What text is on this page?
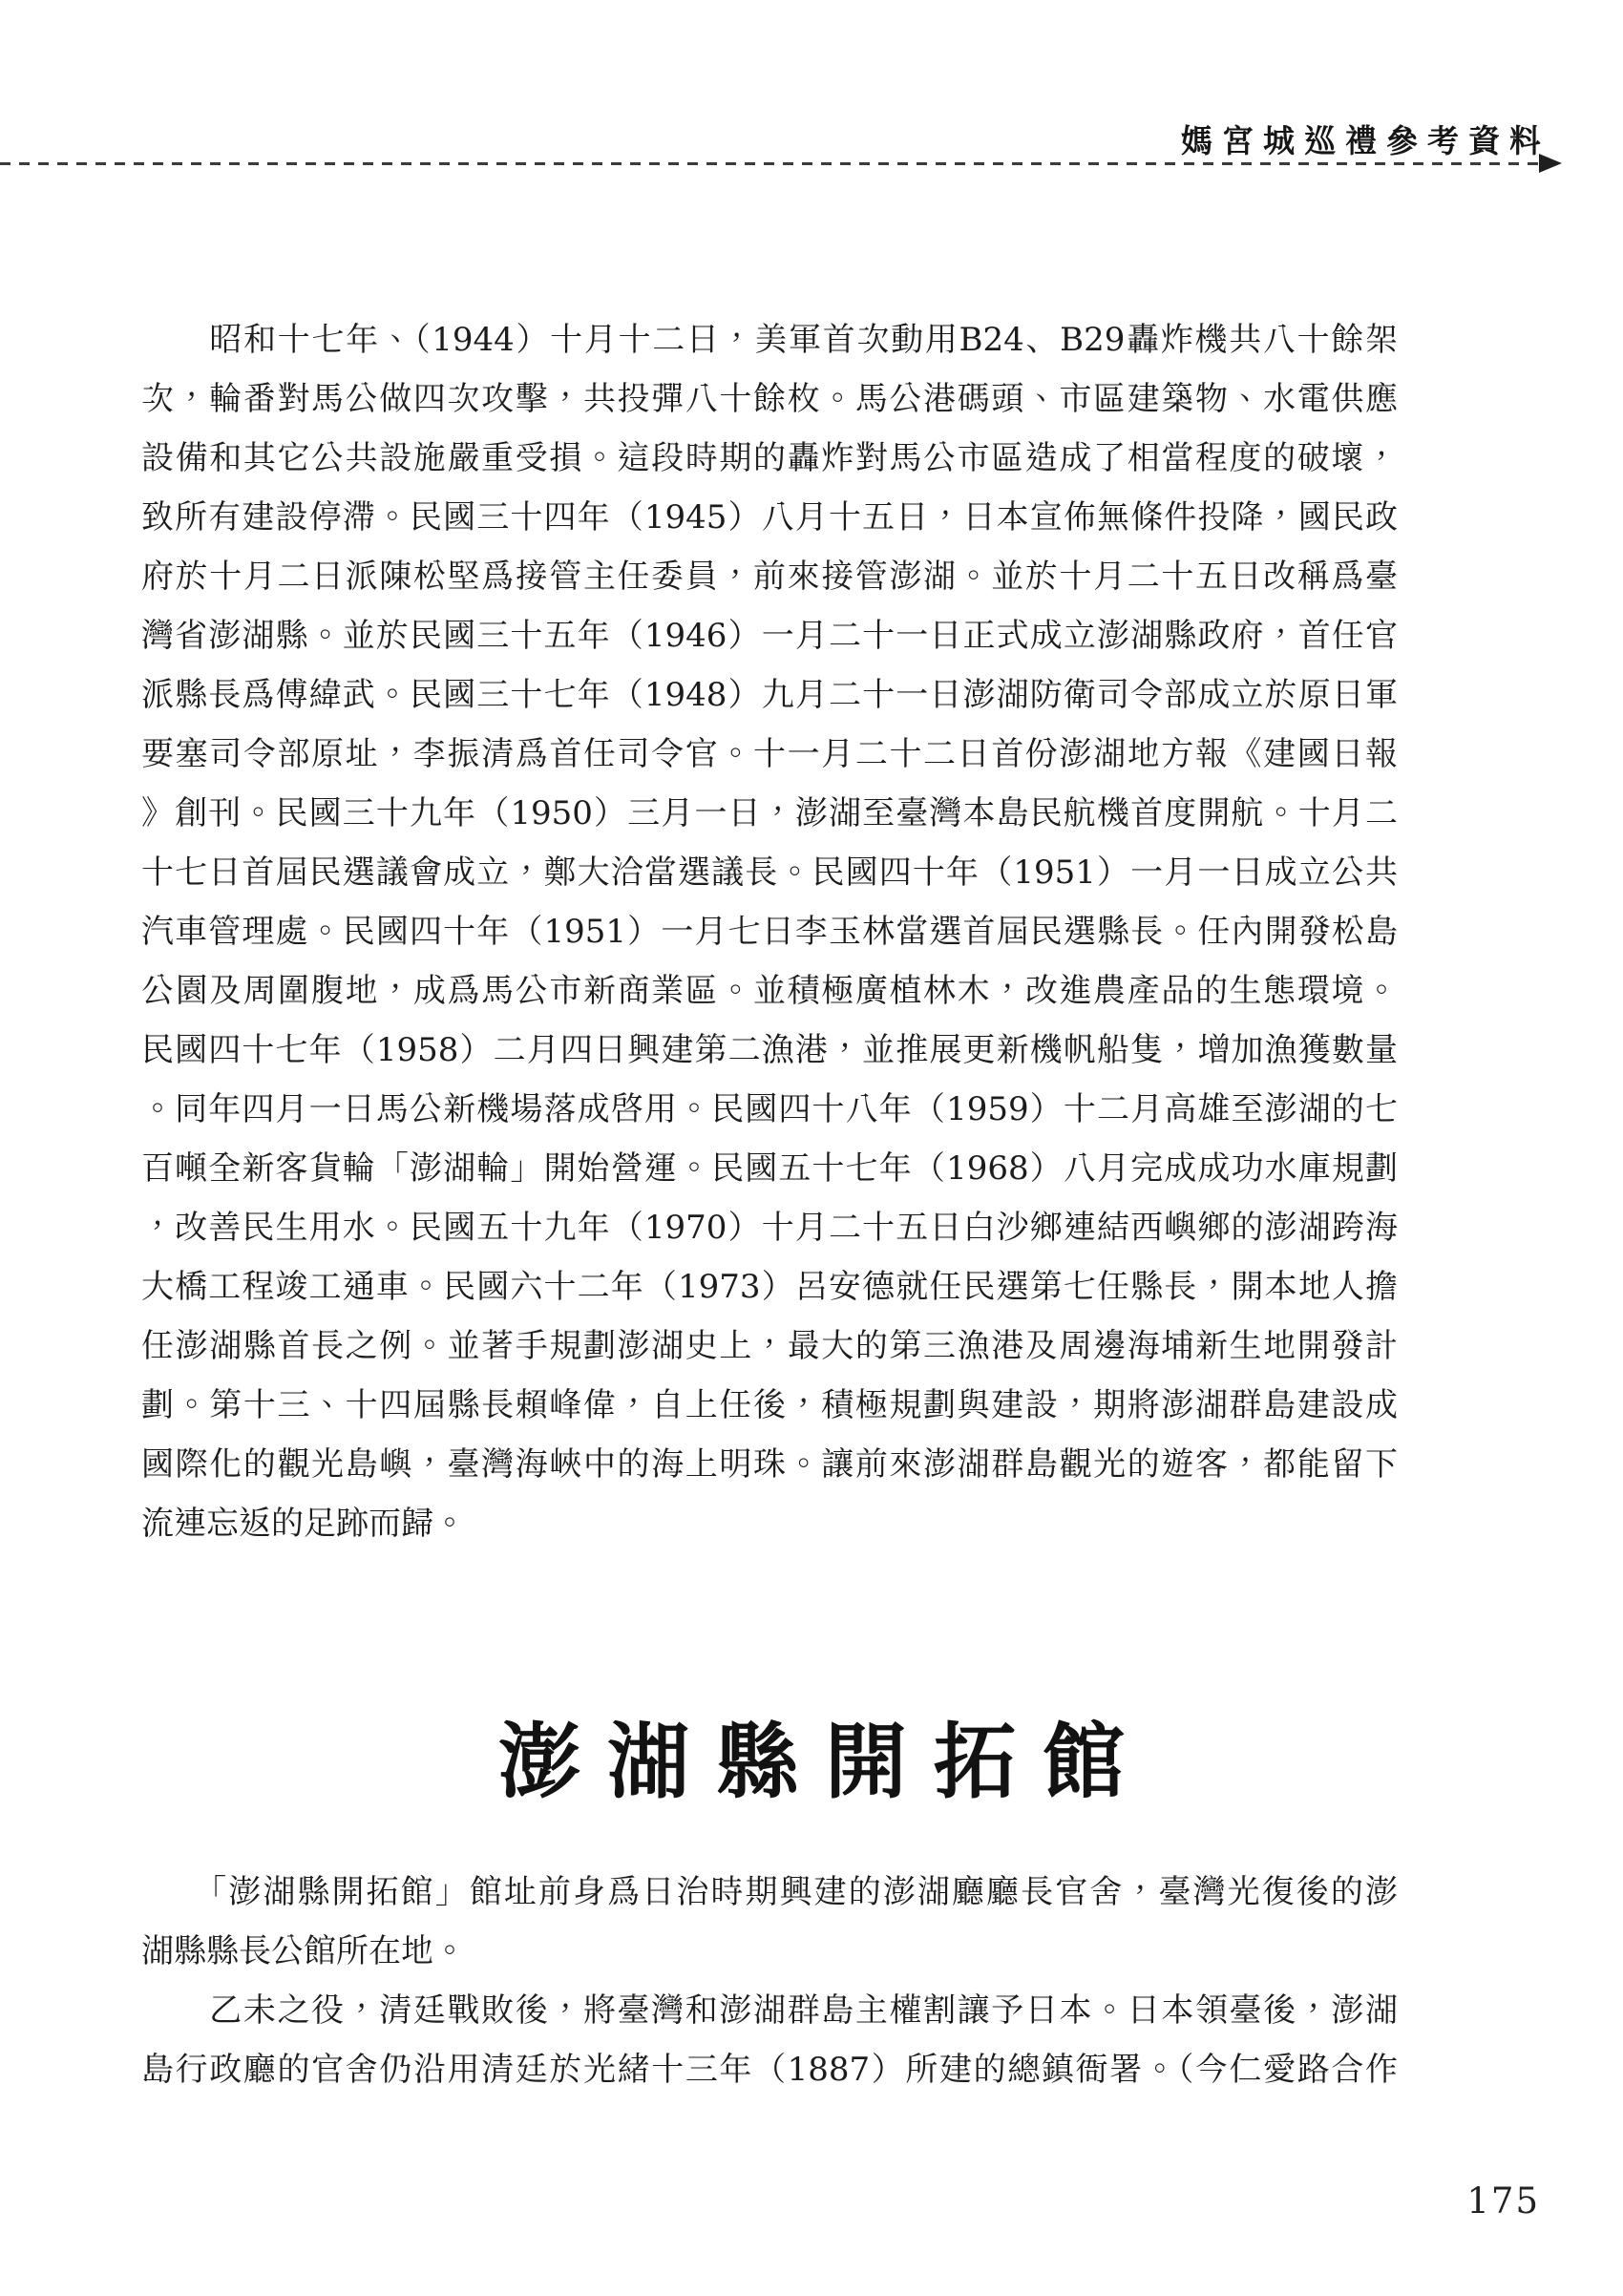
媽宮城巡禮參考資料
　　昭和十七年、（1944）十月十二日，美軍首次動用B24、B29轟炸機共八十餘架
次，輪番對馬公做四次攻擊，共投彈八十餘枚。馬公港碼頭、市區建築物、水電供應
設備和其它公共設施嚴重受損。這段時期的轟炸對馬公市區造成了相當程度的破壞，
致所有建設停滯。民國三十四年（1945）八月十五日，日本宣佈無條件投降，國民政
府於十月二日派陳松堅爲接管主任委員，前來接管澎湖。並於十月二十五日改稱爲臺
灣省澎湖縣。並於民國三十五年（1946）一月二十一日正式成立澎湖縣政府，首任官
派縣長爲傅緯武。民國三十七年（1948）九月二十一日澎湖防衛司令部成立於原日軍
要塞司令部原址，李振清爲首任司令官。十一月二十二日首份澎湖地方報《建國日報
》創刊。民國三十九年（1950）三月一日，澎湖至臺灣本島民航機首度開航。十月二
十七日首屆民選議會成立，鄭大洽當選議長。民國四十年（1951）一月一日成立公共
汽車管理處。民國四十年（1951）一月七日李玉林當選首屆民選縣長。任內開發松島
公園及周圍腹地，成爲馬公市新商業區。並積極廣植林木，改進農產品的生態環境。
民國四十七年（1958）二月四日興建第二漁港，並推展更新機帆船隻，增加漁獲數量
。同年四月一日馬公新機場落成啓用。民國四十八年（1959）十二月高雄至澎湖的七
百噸全新客貨輪「澎湖輪」開始營運。民國五十七年（1968）八月完成成功水庫規劃
，改善民生用水。民國五十九年（1970）十月二十五日白沙鄉連結西嶼鄉的澎湖跨海
大橋工程竣工通車。民國六十二年（1973）呂安德就任民選第七任縣長，開本地人擔
任澎湖縣首長之例。並著手規劃澎湖史上，最大的第三漁港及周邊海埔新生地開發計
劃。第十三、十四屆縣長賴峰偉，自上任後，積極規劃與建設，期將澎湖群島建設成
國際化的觀光島嶼，臺灣海峽中的海上明珠。讓前來澎湖群島觀光的遊客，都能留下
流連忘返的足跡而歸。
澎湖縣開拓館
　　「澎湖縣開拓館」館址前身爲日治時期興建的澎湖廳廳長官舍，臺灣光復後的澎
湖縣縣長公館所在地。
　　乙未之役，清廷戰敗後，將臺灣和澎湖群島主權割讓予日本。日本領臺後，澎湖
島行政廳的官舍仍沿用清廷於光緒十三年（1887）所建的總鎮衙署。（今仁愛路合作
175
